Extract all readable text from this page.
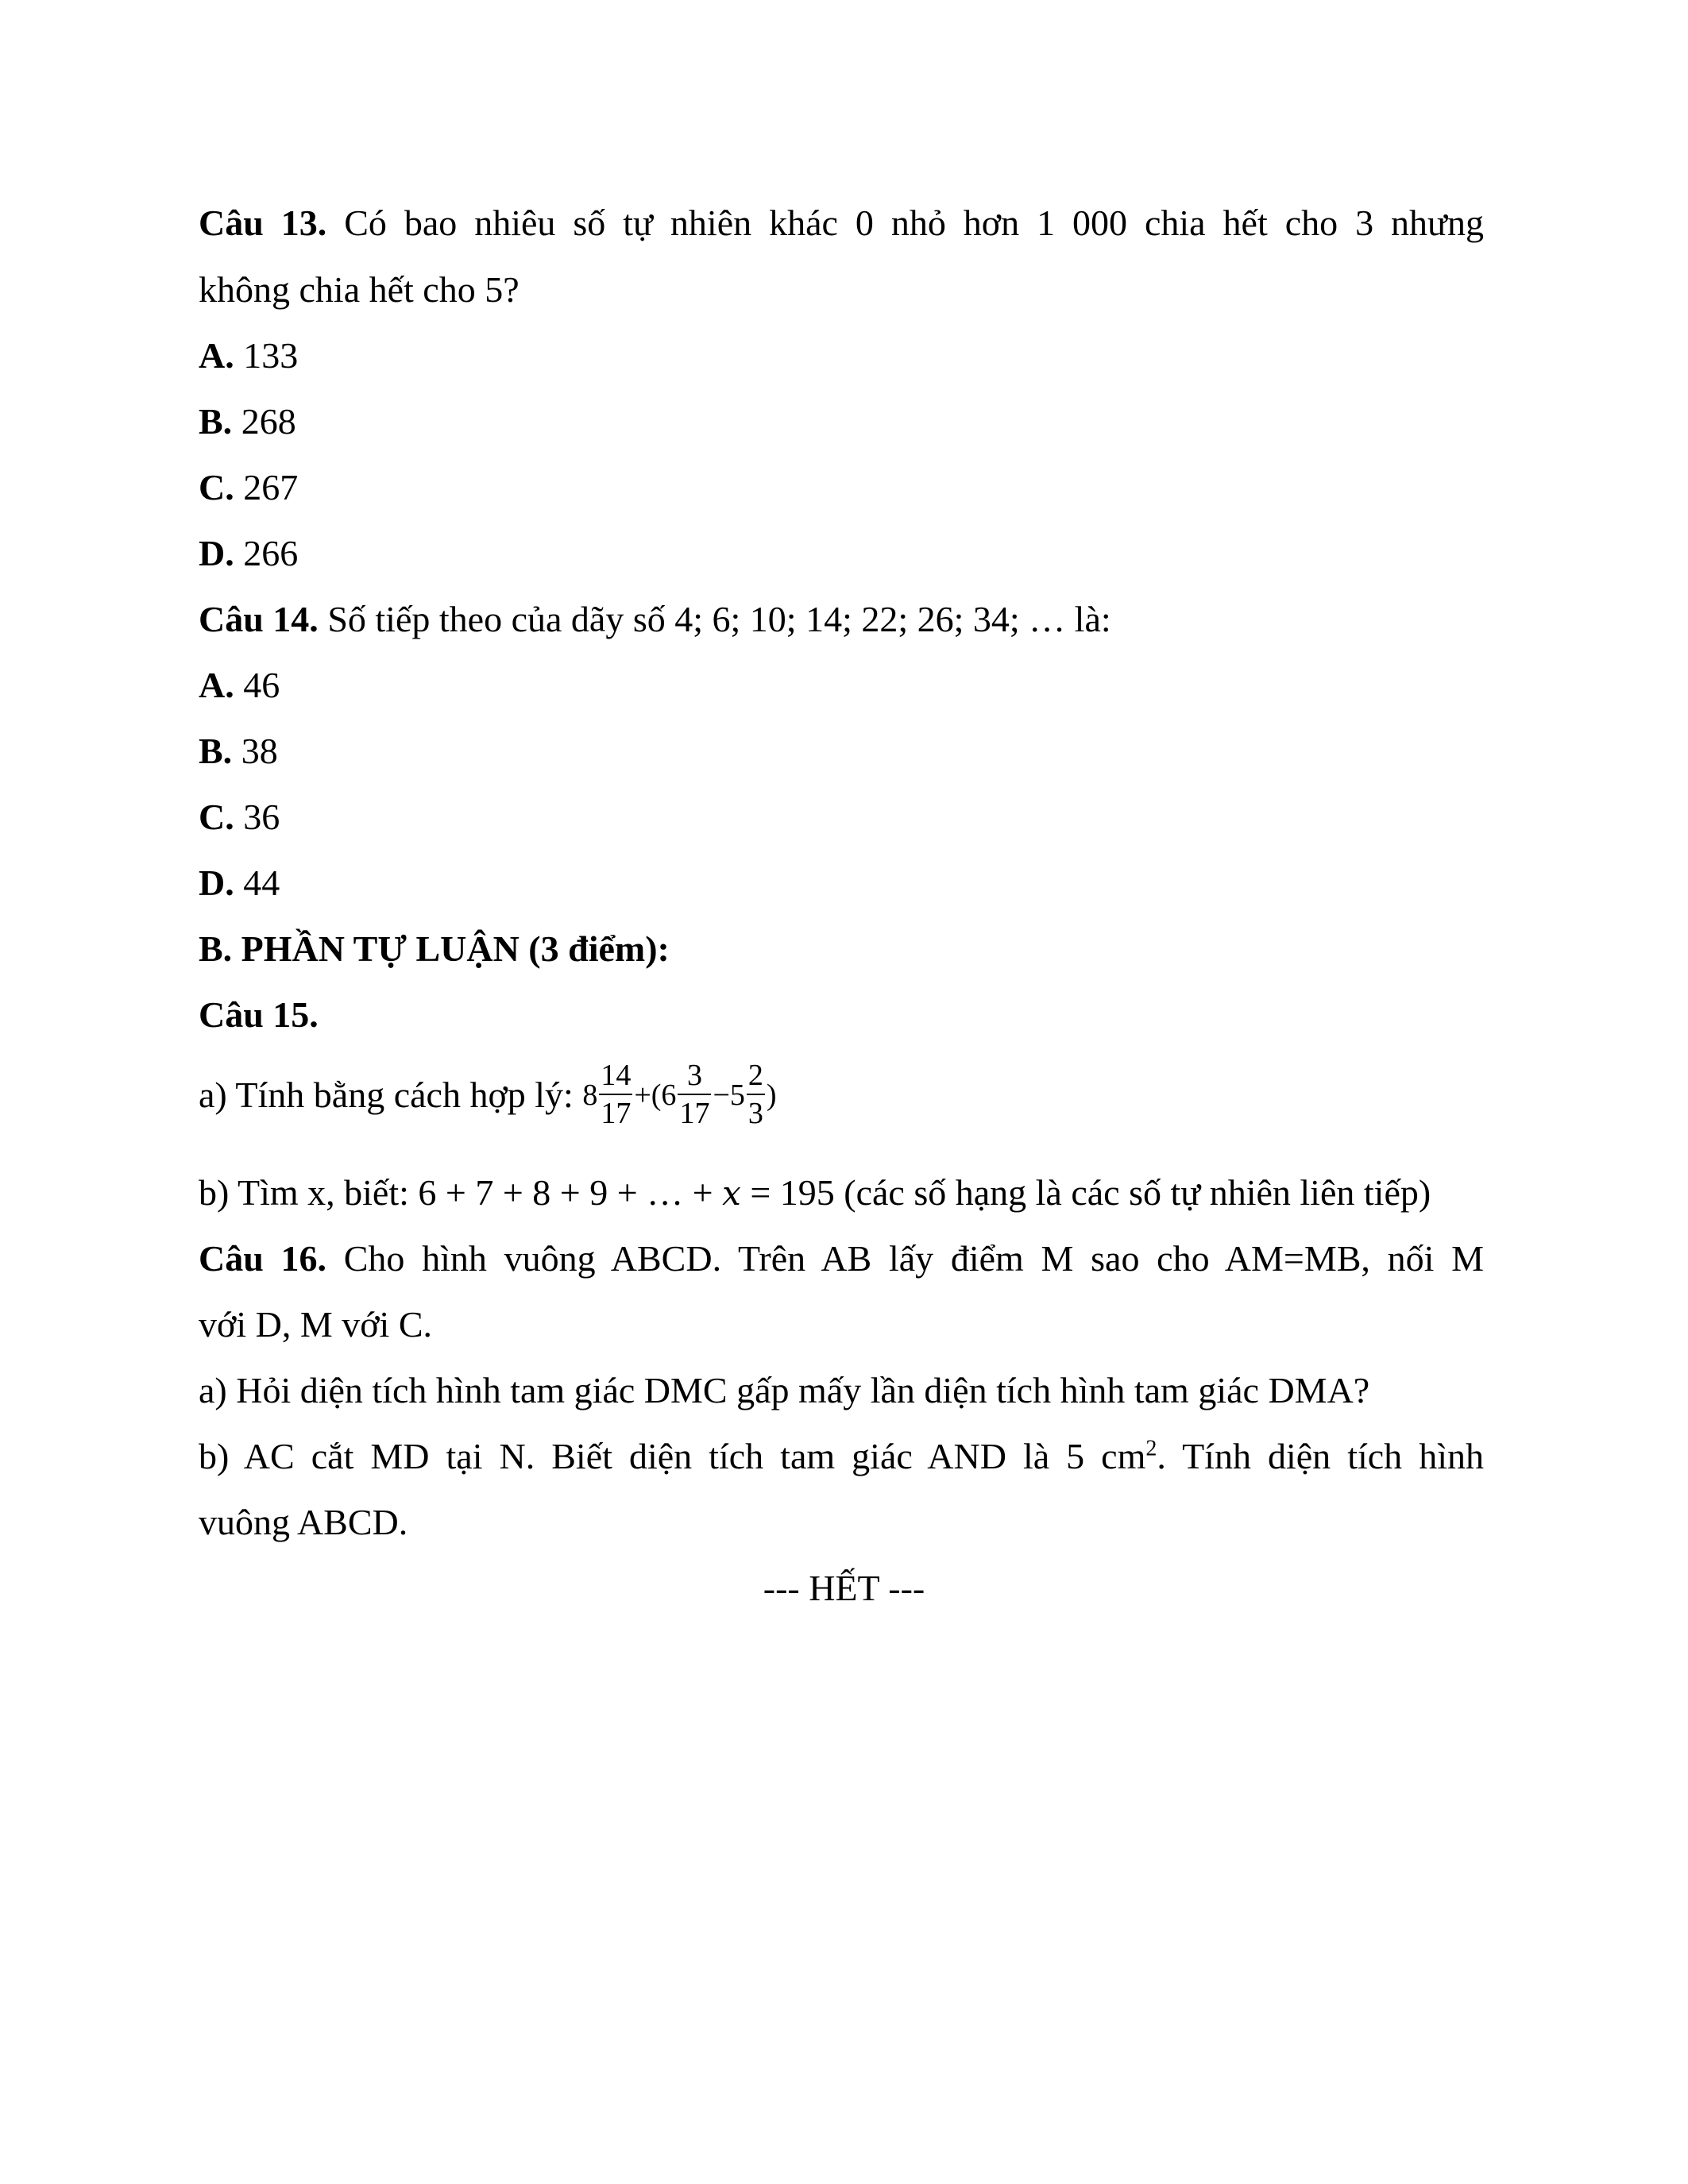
Câu 13. Có bao nhiêu số tự nhiên khác 0 nhỏ hơn 1 000 chia hết cho 3 nhưng
không chia hết cho 5?
A. 133
B. 268
C. 267
D. 266
Câu 14. Số tiếp theo của dãy số 4; 6; 10; 14; 22; 26; 34; … là:
A. 46
B. 38
C. 36
D. 44
B. PHẦN TỰ LUẬN (3 điểm):
Câu 15.
a) Tính bằng cách hợp lý: $8 \frac{14}{17} +(6 \frac{3}{17} -5 \frac{2}{3}$ )
b) Tìm x, biết: 6 + 7 + 8 + 9 + … + x = 195 (các số hạng là các số tự nhiên liên tiếp)
Câu 16. Cho hình vuông ABCD. Trên AB lấy điểm M sao cho AM=MB, nối M
với D, M với C.
a) Hỏi diện tích hình tam giác DMC gấp mấy lần diện tích hình tam giác DMA?
b) AC cắt MD tại N. Biết diện tích tam giác AND là 5 $cm^2$. Tính diện tích hình
vuông ABCD.
--- HẾT ---
